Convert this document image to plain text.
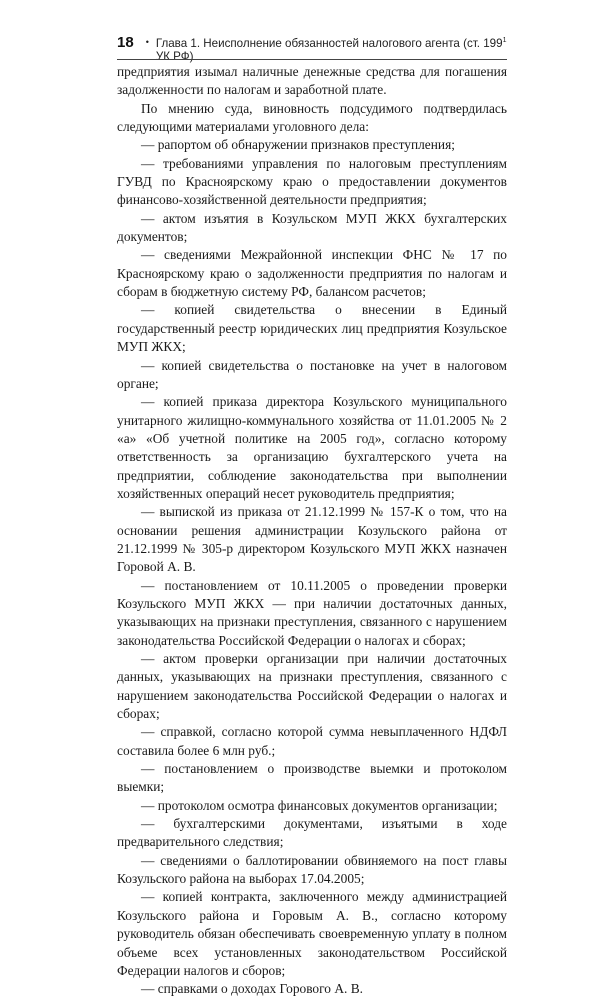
18 • Глава 1. Неисполнение обязанностей налогового агента (ст. $199^1$ УК РФ)

предприятия изымал наличные денежные средства для погашения задолженности по налогам и заработной плате.

По мнению суда, виновность подсудимого подтвердилась следующими материалами уголовного дела:

— рапортом об обнаружении признаков преступления;

— требованиями управления по налоговым преступлениям ГУВД по Красноярскому краю о предоставлении документов финансово-хозяйственной деятельности предприятия;

— актом изъятия в Козульском МУП ЖКХ бухгалтерских документов;

— сведениями Межрайонной инспекции ФНС № 17 по Красноярскому краю о задолженности предприятия по налогам и сборам в бюджетную систему РФ, балансом расчетов;

— копией свидетельства о внесении в Единый государственный реестр юридических лиц предприятия Козульское МУП ЖКХ;

— копией свидетельства о постановке на учет в налоговом органе;

— копией приказа директора Козульского муниципального унитарного жилищно-коммунального хозяйства от 11.01.2005 № 2 «а» «Об учетной политике на 2005 год», согласно которому ответственность за организацию бухгалтерского учета на предприятии, соблюдение законодательства при выполнении хозяйственных операций несет руководитель предприятия;

— выпиской из приказа от 21.12.1999 № 157-К о том, что на основании решения администрации Козульского района от 21.12.1999 № 305-р директором Козульского МУП ЖКХ назначен Горовой А. В.

— постановлением от 10.11.2005 о проведении проверки Козульского МУП ЖКХ — при наличии достаточных данных, указывающих на признаки преступления, связанного с нарушением законодательства Российской Федерации о налогах и сборах;

— актом проверки организации при наличии достаточных данных, указывающих на признаки преступления, связанного с нарушением законодательства Российской Федерации о налогах и сборах;

— справкой, согласно которой сумма невыплаченного НДФЛ составила более 6 млн руб.;

— постановлением о производстве выемки и протоколом выемки;

— протоколом осмотра финансовых документов организации;

— бухгалтерскими документами, изъятыми в ходе предварительного следствия;

— сведениями о баллотировании обвиняемого на пост главы Козульского района на выборах 17.04.2005;

— копией контракта, заключенного между администрацией Козульского района и Горовым А. В., согласно которому руководитель обязан обеспечивать своевременную уплату в полном объеме всех установленных законодательством Российской Федерации налогов и сборов;

— справками о доходах Горового А. В.
